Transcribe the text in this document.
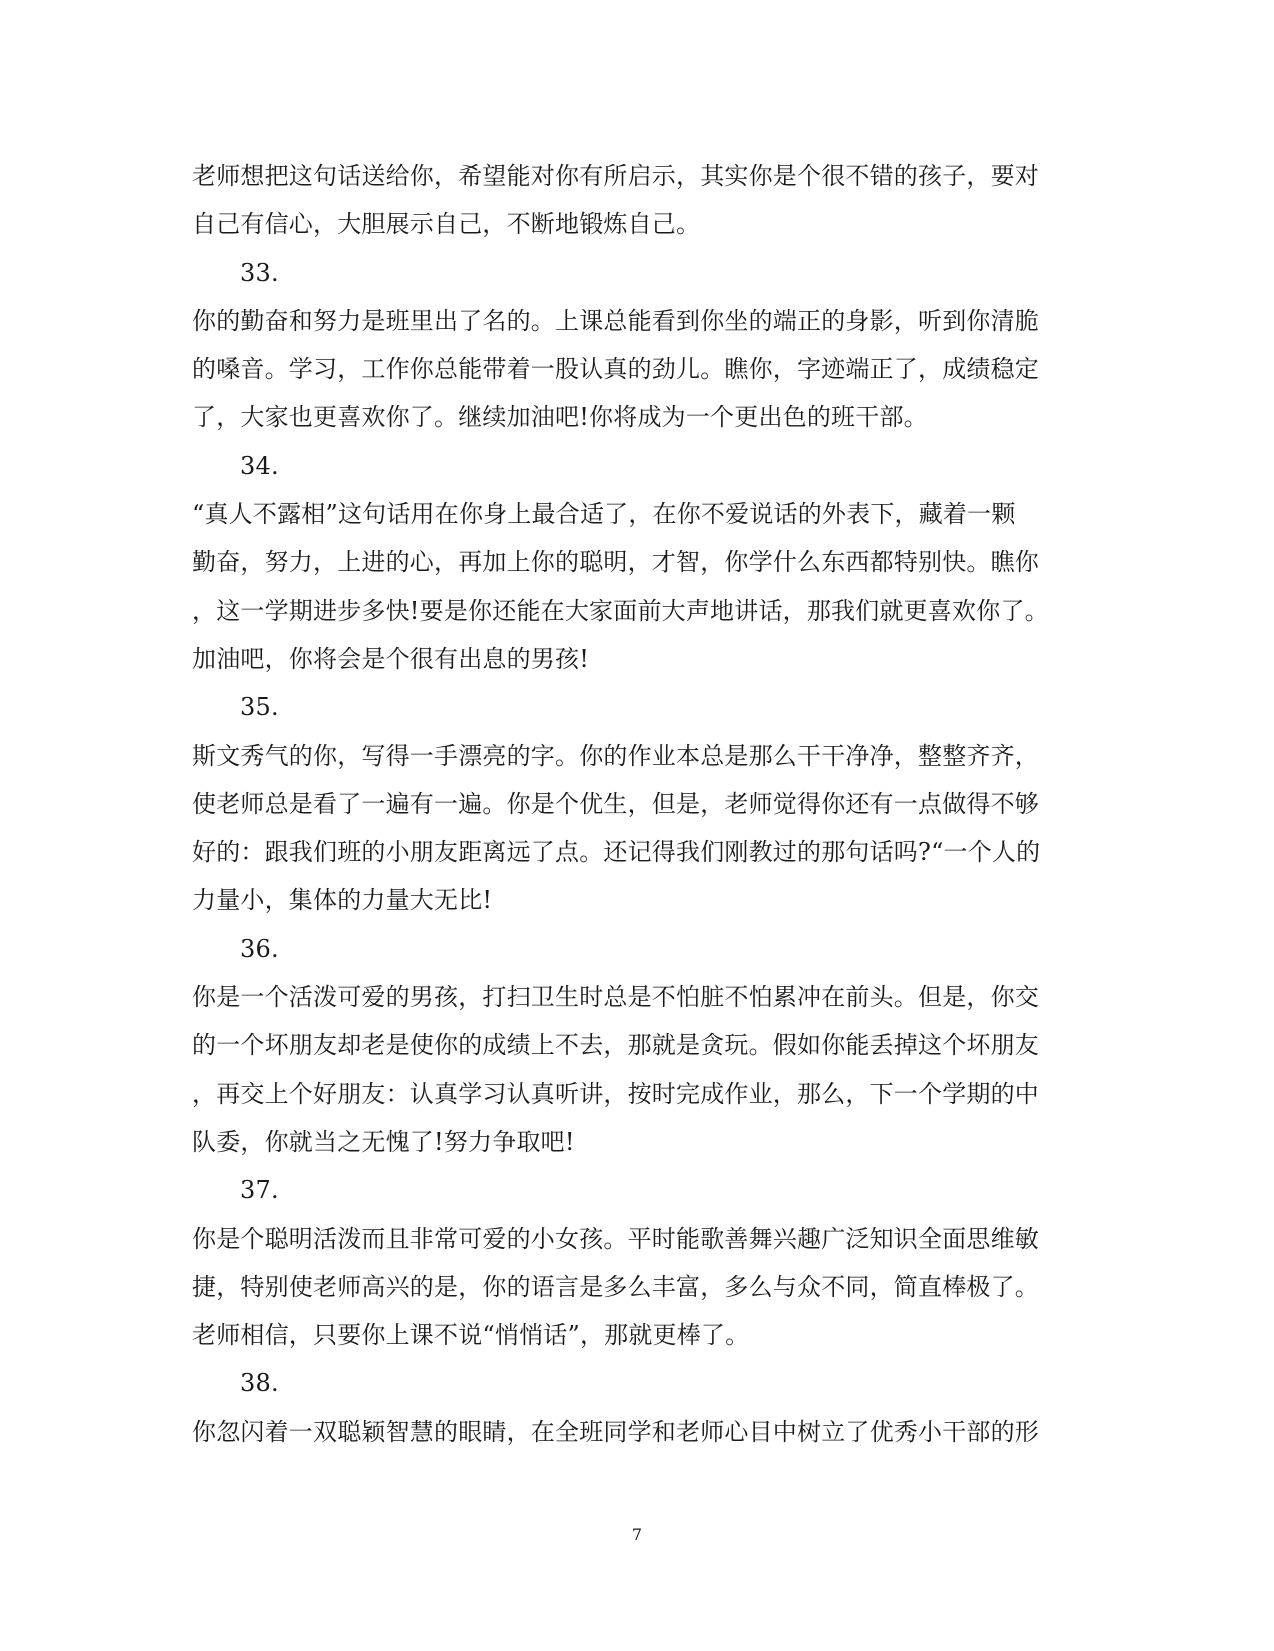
老师想把这句话送给你，希望能对你有所启示，其实你是个很不错的孩子，要对
自己有信心，大胆展示自己，不断地锻炼自己。
33.
你的勤奋和努力是班里出了名的。上课总能看到你坐的端正的身影，听到你清脆
的嗓音。学习，工作你总能带着一股认真的劲儿。瞧你，字迹端正了，成绩稳定
了，大家也更喜欢你了。继续加油吧!你将成为一个更出色的班干部。
34.
“真人不露相”这句话用在你身上最合适了，在你不爱说话的外表下，藏着一颗
勤奋，努力，上进的心，再加上你的聪明，才智，你学什么东西都特别快。瞧你
，这一学期进步多快!要是你还能在大家面前大声地讲话，那我们就更喜欢你了。
加油吧，你将会是个很有出息的男孩!
35.
斯文秀气的你，写得一手漂亮的字。你的作业本总是那么干干净净，整整齐齐，
使老师总是看了一遍有一遍。你是个优生，但是，老师觉得你还有一点做得不够
好的：跟我们班的小朋友距离远了点。还记得我们刚教过的那句话吗?“一个人的
力量小，集体的力量大无比!
36.
你是一个活泼可爱的男孩，打扫卫生时总是不怕脏不怕累冲在前头。但是，你交
的一个坏朋友却老是使你的成绩上不去，那就是贪玩。假如你能丢掉这个坏朋友
，再交上个好朋友：认真学习认真听讲，按时完成作业，那么，下一个学期的中
队委，你就当之无愧了!努力争取吧!
37.
你是个聪明活泼而且非常可爱的小女孩。平时能歌善舞兴趣广泛知识全面思维敏
捷，特别使老师高兴的是，你的语言是多么丰富，多么与众不同，简直棒极了。
老师相信，只要你上课不说“悄悄话”，那就更棒了。
38.
你忽闪着一双聪颖智慧的眼睛，在全班同学和老师心目中树立了优秀小干部的形
7
